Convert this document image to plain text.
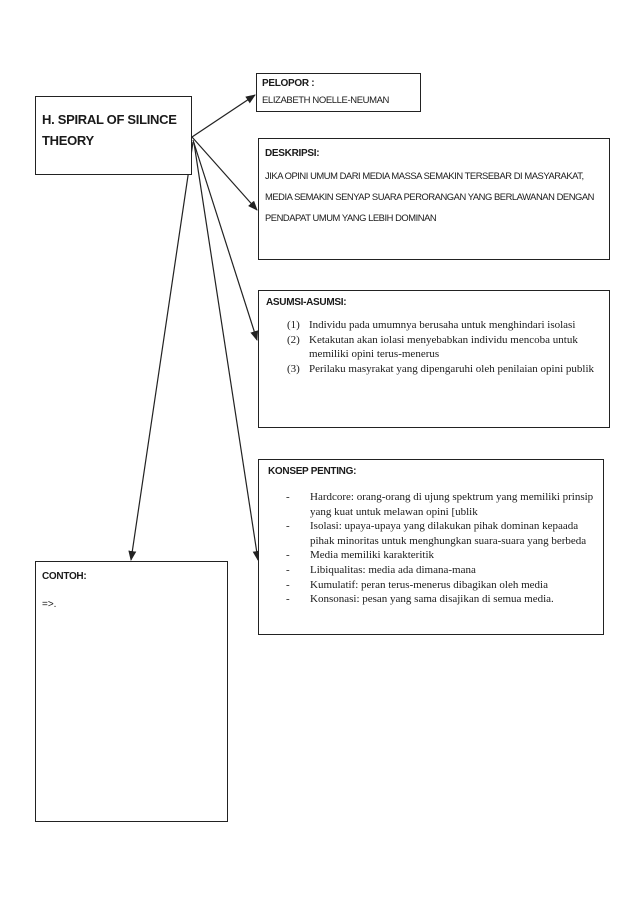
H. SPIRAL OF SILINCE THEORY
PELOPOR :
ELIZABETH NOELLE-NEUMAN
DESKRIPSI:
JIKA OPINI UMUM DARI MEDIA MASSA SEMAKIN TERSEBAR DI MASYARAKAT, MEDIA SEMAKIN SENYAP SUARA PERORANGAN YANG BERLAWANAN DENGAN PENDAPAT UMUM YANG LEBIH DOMINAN
ASUMSI-ASUMSI:
(1) Individu pada umumnya berusaha untuk menghindari isolasi
(2) Ketakutan akan iolasi menyebabkan individu mencoba untuk memiliki opini terus-menerus
(3) Perilaku masyrakat yang dipengaruhi oleh penilaian opini publik
KONSEP PENTING:
- Hardcore: orang-orang di ujung spektrum yang memiliki prinsip yang kuat untuk melawan opini [ublik
- Isolasi: upaya-upaya yang dilakukan pihak dominan kepaada pihak minoritas untuk menghungkan suara-suara yang berbeda
- Media memiliki karakteritik
- Libiqualitas: media ada dimana-mana
- Kumulatif: peran terus-menerus dibagikan oleh media
- Konsonasi: pesan yang sama disajikan di semua media.
CONTOH:
=>.
